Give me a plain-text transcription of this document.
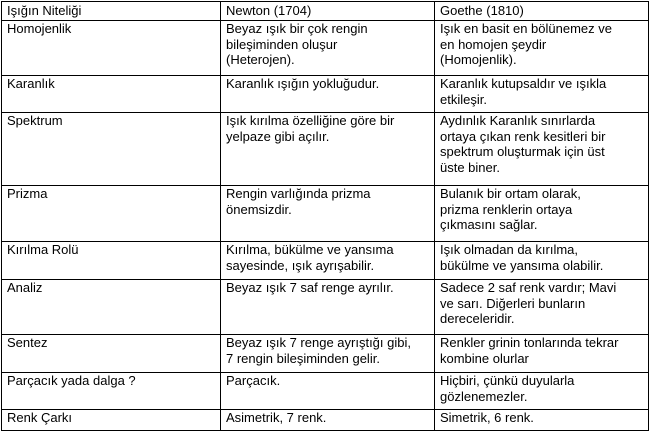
Işığın Niteliği	Newton (1704)	Goethe (1810)

Homojenlik	Beyaz ışık bir çok rengin
bileşiminden oluşur
(Heterojen).	Işık en basit en bölünemez ve
en homojen şeydir
(Homojenlik).

Karanlık	Karanlık ışığın yokluğudur.	Karanlık kutupsaldır ve ışıkla
etkileşir.

Spektrum	Işık kırılma özelliğine göre bir
yelpaze gibi açılır.	Aydınlık Karanlık sınırlarda
ortaya çıkan renk kesitleri bir
spektrum oluşturmak için üst
üste biner.

Prizma	Rengin varlığında prizma
önemsizdir.	Bulanık bir ortam olarak,
prizma renklerin ortaya
çıkmasını sağlar.

Kırılma Rolü	Kırılma, bükülme ve yansıma
sayesinde, ışık ayrışabilir.	Işık olmadan da kırılma,
bükülme ve yansıma olabilir.

Analiz	Beyaz ışık 7 saf renge ayrılır.	Sadece 2 saf renk vardır; Mavi
ve sarı. Diğerleri bunların
dereceleridir.

Sentez	Beyaz ışık 7 renge ayrıştığı gibi,
7 rengin bileşiminden gelir.	Renkler grinin tonlarında tekrar
kombine olurlar

Parçacık yada dalga ?	Parçacık.	Hiçbiri, çünkü duyularla
gözlenemezler.

Renk Çarkı	Asimetrik, 7 renk.	Simetrik, 6 renk.
